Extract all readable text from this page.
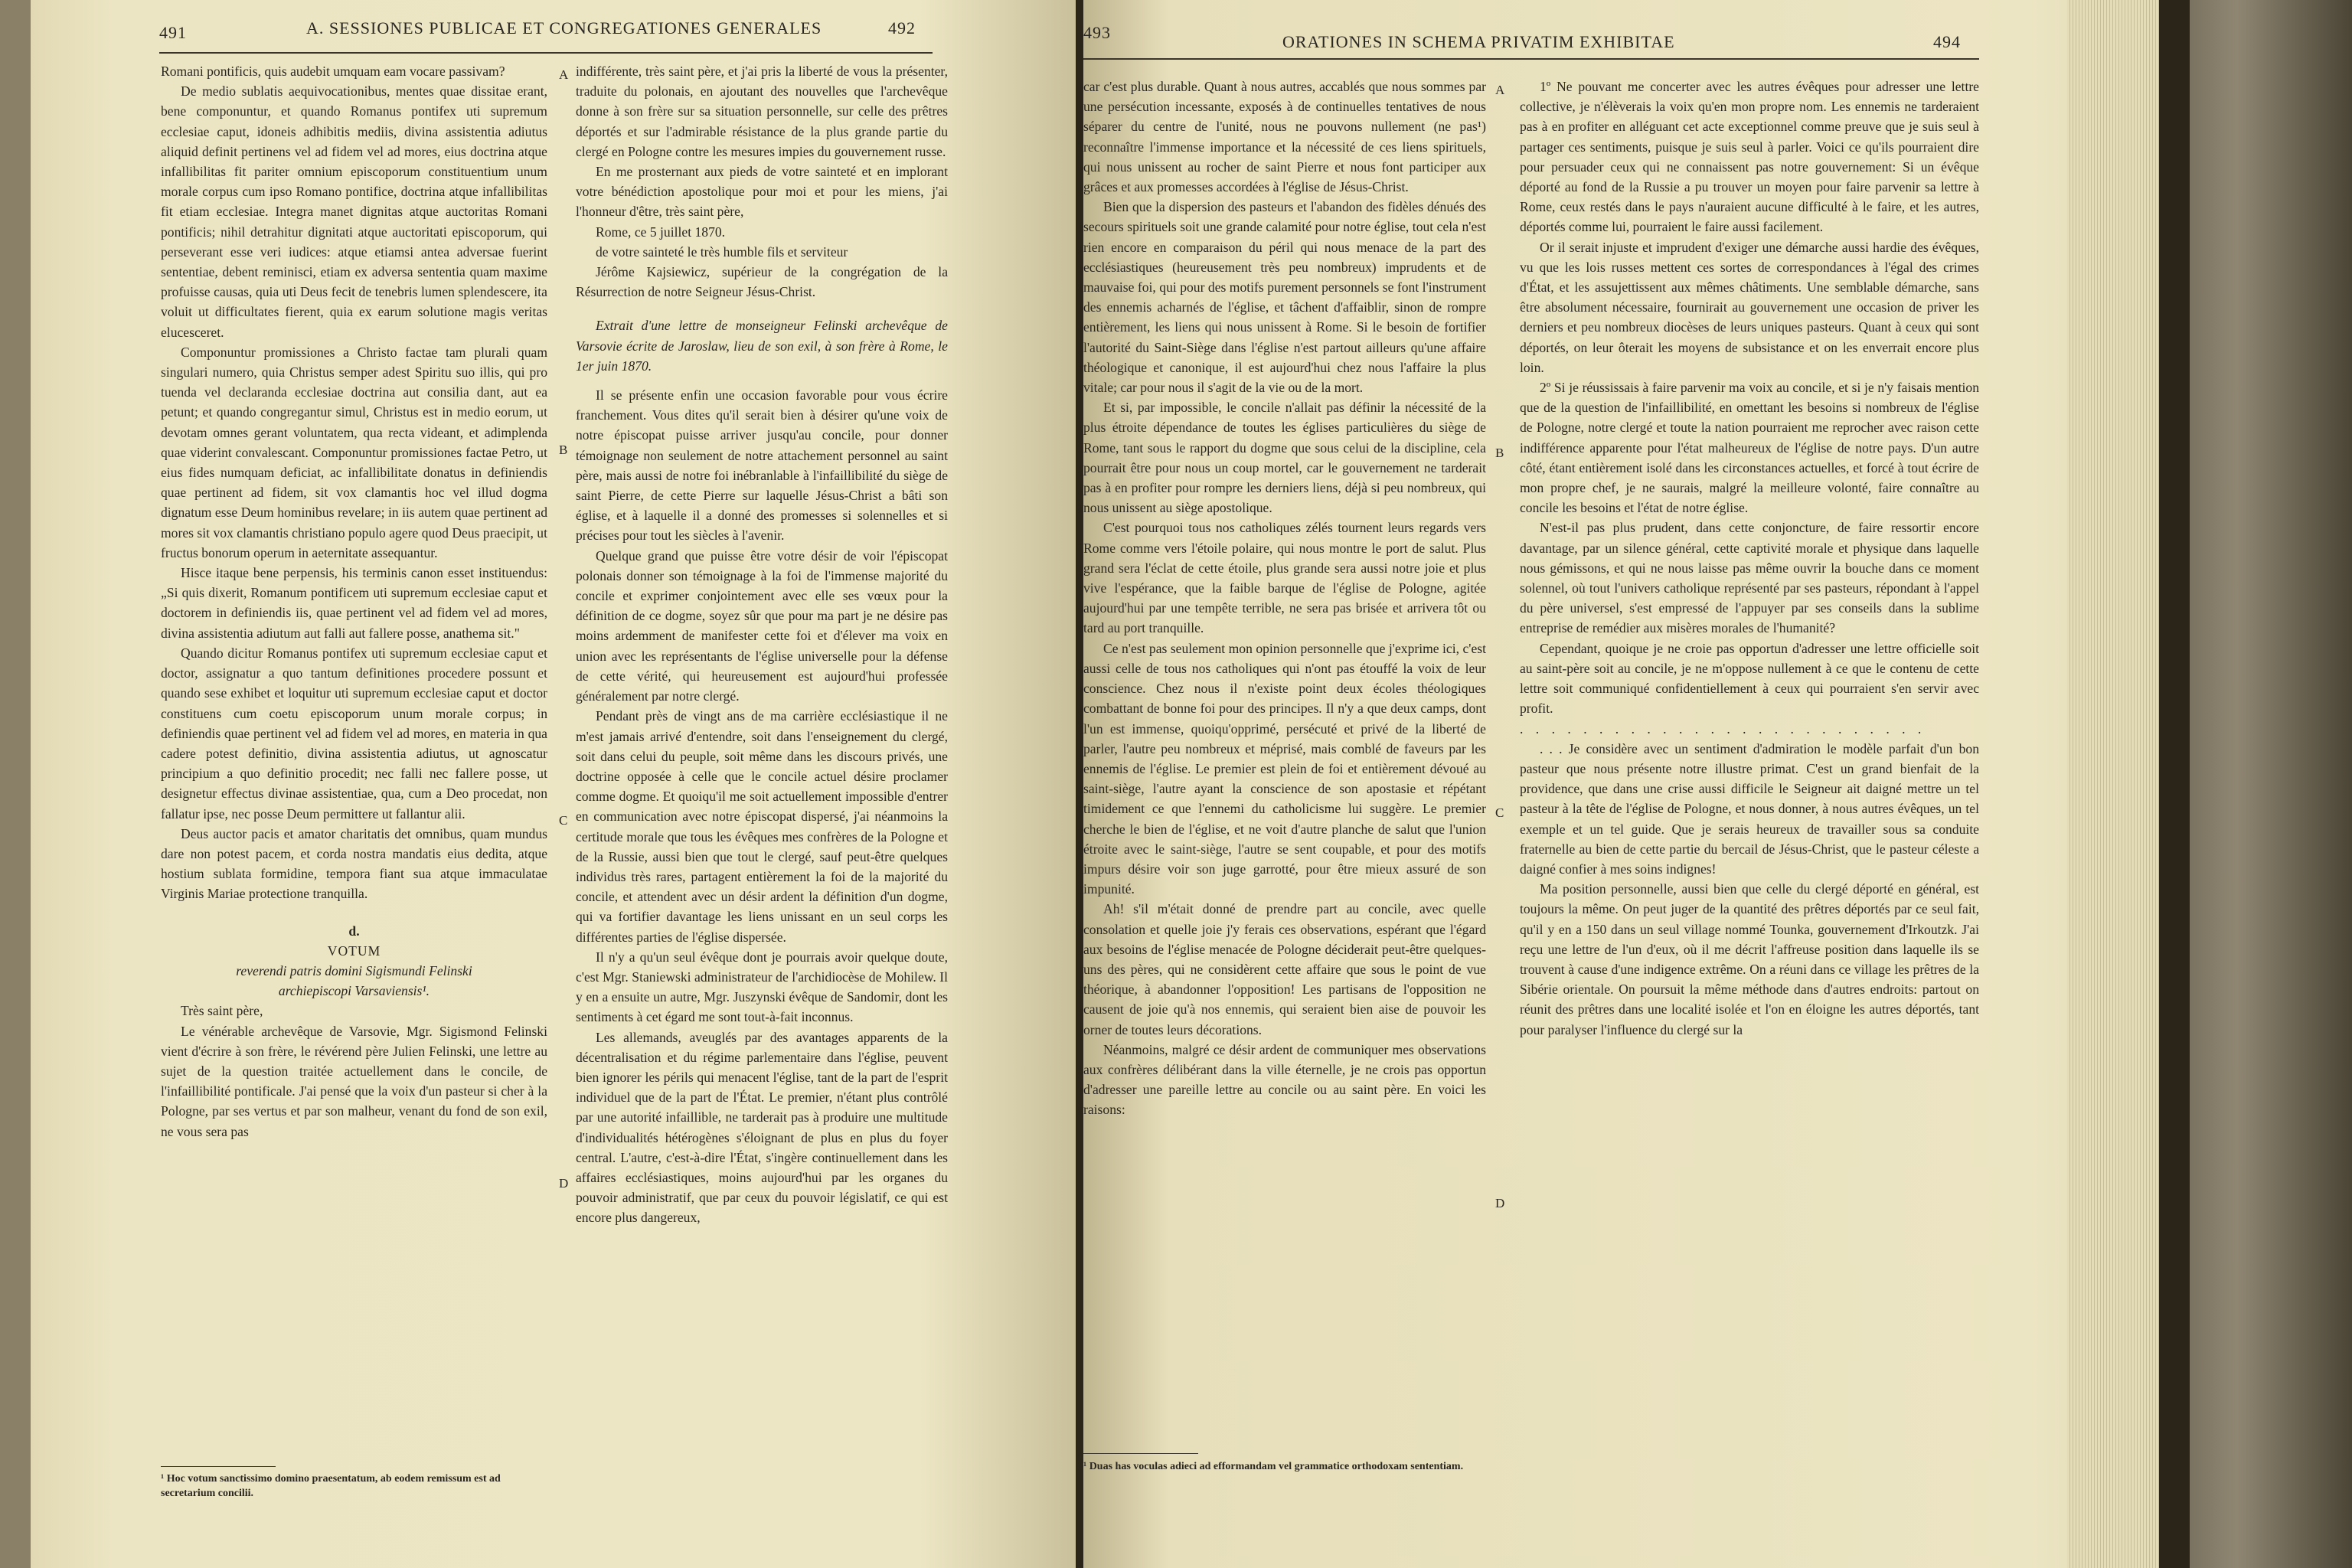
491	A. SESSIONES PUBLICAE ET CONGREGATIONES GENERALES	492

Romani pontificis, quis audebit umquam eam vocare passivam?

De medio sublatis aequivocationibus, mentes quae dissitae erant, bene componuntur, et quando Romanus pontifex uti supremum ecclesiae caput, idoneis adhibitis mediis, divina assistentia adiutus aliquid definit pertinens vel ad fidem vel ad mores, eius doctrina atque infallibilitas fit pariter omnium episcoporum constituentium unum morale corpus cum ipso Romano pontifice, doctrina atque infallibilitas fit etiam ecclesiae. Integra manet dignitas atque auctoritas Romani pontificis; nihil detrahitur dignitati atque auctoritati episcoporum, qui perseverant esse veri iudices: atque etiamsi antea adversae fuerint sententiae, debent reminisci, etiam ex adversa sententia quam maxime profuisse causas, quia uti Deus fecit de tenebris lumen splendescere, ita voluit ut difficultates fierent, quia ex earum solutione magis veritas elucesceret.

Componuntur promissiones a Christo factae tam plurali quam singulari numero, quia Christus semper adest Spiritu suo illis, qui pro tuenda vel declaranda ecclesiae doctrina aut consilia dant, aut ea petunt; et quando congregantur simul, Christus est in medio eorum, ut devotam omnes gerant voluntatem, qua recta videant, et adimplenda quae viderint convalescant. Componuntur promissiones factae Petro, ut eius fides numquam deficiat, ac infallibilitate donatus in definiendis quae pertinent ad fidem, sit vox clamantis hoc vel illud dogma dignatum esse Deum hominibus revelare; in iis autem quae pertinent ad mores sit vox clamantis christiano populo agere quod Deus praecipit, ut fructus bonorum operum in aeternitate assequantur.

Hisce itaque bene perpensis, his terminis canon esset instituendus: „Si quis dixerit, Romanum pontificem uti supremum ecclesiae caput et doctorem in definiendis iis, quae pertinent vel ad fidem vel ad mores, divina assistentia adiutum aut falli aut fallere posse, anathema sit."

Quando dicitur Romanus pontifex uti supremum ecclesiae caput et doctor, assignatur a quo tantum definitiones procedere possunt et quando sese exhibet et loquitur uti supremum ecclesiae caput et doctor constituens cum coetu episcoporum unum morale corpus; in definiendis quae pertinent vel ad fidem vel ad mores, en materia in qua cadere potest definitio, divina assistentia adiutus, ut agnoscatur principium a quo definitio procedit; nec falli nec fallere posse, ut designetur effectus divinae assistentiae, qua, cum a Deo procedat, non fallatur ipse, nec posse Deum permittere ut fallantur alii.

Deus auctor pacis et amator charitatis det omnibus, quam mundus dare non potest pacem, et corda nostra mandatis eius dedita, atque hostium sublata formidine, tempora fiant sua atque immaculatae Virginis Mariae protectione tranquilla.

d.

VOTUM

reverendi patris domini Sigismundi Felinski

archiepiscopi Varsaviensis¹.

Très saint père,

Le vénérable archevêque de Varsovie, Mgr. Sigismond Felinski vient d'écrire à son frère, le révérend père Julien Felinski, une lettre au sujet de la question traitée actuellement dans le concile, de l'infaillibilité pontificale. J'ai pensé que la voix d'un pasteur si cher à la Pologne, par ses vertus et par son malheur, venant du fond de son exil, ne vous sera pas

¹ Hoc votum sanctissimo domino praesentatum, ab eodem remissum est ad secretarium concilii.
A
B
C
D

indifférente, très saint père, et j'ai pris la liberté de vous la présenter, traduite du polonais, en ajoutant des nouvelles que l'archevêque donne à son frère sur sa situation personnelle, sur celle des prêtres déportés et sur l'admirable résistance de la plus grande partie du clergé en Pologne contre les mesures impies du gouvernement russe.

En me prosternant aux pieds de votre sainteté et en implorant votre bénédiction apostolique pour moi et pour les miens, j'ai l'honneur d'être, très saint père,

Rome, ce 5 juillet 1870.

de votre sainteté le très humble fils et serviteur

Jérôme Kajsiewicz, supérieur de la congrégation de la Résurrection de notre Seigneur Jésus-Christ.

Extrait d'une lettre de monseigneur Felinski archevêque de Varsovie écrite de Jaroslaw, lieu de son exil, à son frère à Rome, le 1er juin 1870.

Il se présente enfin une occasion favorable pour vous écrire franchement. Vous dites qu'il serait bien à désirer qu'une voix de notre épiscopat puisse arriver jusqu'au concile, pour donner témoignage non seulement de notre attachement personnel au saint père, mais aussi de notre foi inébranlable à l'infaillibilité du siège de saint Pierre, de cette Pierre sur laquelle Jésus-Christ a bâti son église, et à laquelle il a donné des promesses si solennelles et si précises pour tout les siècles à l'avenir.

Quelque grand que puisse être votre désir de voir l'épiscopat polonais donner son témoignage à la foi de l'immense majorité du concile et exprimer conjointement avec elle ses vœux pour la définition de ce dogme, soyez sûr que pour ma part je ne désire pas moins ardemment de manifester cette foi et d'élever ma voix en union avec les représentants de l'église universelle pour la défense de cette vérité, qui heureusement est aujourd'hui professée généralement par notre clergé.

Pendant près de vingt ans de ma carrière ecclésiastique il ne m'est jamais arrivé d'entendre, soit dans l'enseignement du clergé, soit dans celui du peuple, soit même dans les discours privés, une doctrine opposée à celle que le concile actuel désire proclamer comme dogme. Et quoiqu'il me soit actuellement impossible d'entrer en communication avec notre épiscopat dispersé, j'ai néanmoins la certitude morale que tous les évêques mes confrères de la Pologne et de la Russie, aussi bien que tout le clergé, sauf peut-être quelques individus très rares, partagent entièrement la foi de la majorité du concile, et attendent avec un désir ardent la définition d'un dogme, qui va fortifier davantage les liens unissant en un seul corps les différentes parties de l'église dispersée.

Il n'y a qu'un seul évêque dont je pourrais avoir quelque doute, c'est Mgr. Staniewski administrateur de l'archidiocèse de Mohilew. Il y en a ensuite un autre, Mgr. Juszynski évêque de Sandomir, dont les sentiments à cet égard me sont tout-à-fait inconnus.

Les allemands, aveuglés par des avantages apparents de la décentralisation et du régime parlementaire dans l'église, peuvent bien ignorer les périls qui menacent l'église, tant de la part de l'esprit individuel que de la part de l'État. Le premier, n'étant plus contrôlé par une autorité infaillible, ne tarderait pas à produire une multitude d'individualités hétérogènes s'éloignant de plus en plus du foyer central. L'autre, c'est-à-dire l'État, s'ingère continuellement dans les affaires ecclésiastiques, moins aujourd'hui par les organes du pouvoir administratif, que par ceux du pouvoir législatif, ce qui est encore plus dangereux,

493	ORATIONES IN SCHEMA PRIVATIM EXHIBITAE	494

car c'est plus durable. Quant à nous autres, accablés que nous sommes par une persécution incessante, exposés à de continuelles tentatives de nous séparer du centre de l'unité, nous ne pouvons nullement (ne pas¹) reconnaître l'immense importance et la nécessité de ces liens spirituels, qui nous unissent au rocher de saint Pierre et nous font participer aux grâces et aux promesses accordées à l'église de Jésus-Christ.

Bien que la dispersion des pasteurs et l'abandon des fidèles dénués des secours spirituels soit une grande calamité pour notre église, tout cela n'est rien encore en comparaison du péril qui nous menace de la part des ecclésiastiques (heureusement très peu nombreux) imprudents et de mauvaise foi, qui pour des motifs purement personnels se font l'instrument des ennemis acharnés de l'église, et tâchent d'affaiblir, sinon de rompre entièrement, les liens qui nous unissent à Rome. Si le besoin de fortifier l'autorité du Saint-Siège dans l'église n'est partout ailleurs qu'une affaire théologique et canonique, il est aujourd'hui chez nous l'affaire la plus vitale; car pour nous il s'agit de la vie ou de la mort.

Et si, par impossible, le concile n'allait pas définir la nécessité de la plus étroite dépendance de toutes les églises particulières du siège de Rome, tant sous le rapport du dogme que sous celui de la discipline, cela pourrait être pour nous un coup mortel, car le gouvernement ne tarderait pas à en profiter pour rompre les derniers liens, déjà si peu nombreux, qui nous unissent au siège apostolique.

C'est pourquoi tous nos catholiques zélés tournent leurs regards vers Rome comme vers l'étoile polaire, qui nous montre le port de salut. Plus grand sera l'éclat de cette étoile, plus grande sera aussi notre joie et plus vive l'espérance, que la faible barque de l'église de Pologne, agitée aujourd'hui par une tempête terrible, ne sera pas brisée et arrivera tôt ou tard au port tranquille.

Ce n'est pas seulement mon opinion personnelle que j'exprime ici, c'est aussi celle de tous nos catholiques qui n'ont pas étouffé la voix de leur conscience. Chez nous il n'existe point deux écoles théologiques combattant de bonne foi pour des principes. Il n'y a que deux camps, dont l'un est immense, quoiqu'opprimé, persécuté et privé de la liberté de parler, l'autre peu nombreux et méprisé, mais comblé de faveurs par les ennemis de l'église. Le premier est plein de foi et entièrement dévoué au saint-siège, l'autre ayant la conscience de son apostasie et répétant timidement ce que l'ennemi du catholicisme lui suggère. Le premier cherche le bien de l'église, et ne voit d'autre planche de salut que l'union étroite avec le saint-siège, l'autre se sent coupable, et pour des motifs impurs désire voir son juge garrotté, pour être mieux assuré de son impunité.

Ah! s'il m'était donné de prendre part au concile, avec quelle consolation et quelle joie j'y ferais ces observations, espérant que l'égard aux besoins de l'église menacée de Pologne déciderait peut-être quelques-uns des pères, qui ne considèrent cette affaire que sous le point de vue théorique, à abandonner l'opposition! Les partisans de l'opposition ne causent de joie qu'à nos ennemis, qui seraient bien aise de pouvoir les orner de toutes leurs décorations.

Néanmoins, malgré ce désir ardent de communiquer mes observations aux confrères délibérant dans la ville éternelle, je ne crois pas opportun d'adresser une pareille lettre au concile ou au saint père. En voici les raisons:

¹ Duas has voculas adieci ad efformandam vel grammatice orthodoxam sententiam.
A
B
C
D

1º Ne pouvant me concerter avec les autres évêques pour adresser une lettre collective, je n'élèverais la voix qu'en mon propre nom. Les ennemis ne tarderaient pas à en profiter en alléguant cet acte exceptionnel comme preuve que je suis seul à partager ces sentiments, puisque je suis seul à parler. Voici ce qu'ils pourraient dire pour persuader ceux qui ne connaissent pas notre gouvernement: Si un évêque déporté au fond de la Russie a pu trouver un moyen pour faire parvenir sa lettre à Rome, ceux restés dans le pays n'auraient aucune difficulté à le faire, et les autres, déportés comme lui, pourraient le faire aussi facilement.

Or il serait injuste et imprudent d'exiger une démarche aussi hardie des évêques, vu que les lois russes mettent ces sortes de correspondances à l'égal des crimes d'État, et les assujettissent aux mêmes châtiments. Une semblable démarche, sans être absolument nécessaire, fournirait au gouvernement une occasion de priver les derniers et peu nombreux diocèses de leurs uniques pasteurs. Quant à ceux qui sont déportés, on leur ôterait les moyens de subsistance et on les enverrait encore plus loin.

2º Si je réussissais à faire parvenir ma voix au concile, et si je n'y faisais mention que de la question de l'infaillibilité, en omettant les besoins si nombreux de l'église de Pologne, notre clergé et toute la nation pourraient me reprocher avec raison cette indifférence apparente pour l'état malheureux de l'église de notre pays. D'un autre côté, étant entièrement isolé dans les circonstances actuelles, et forcé à tout écrire de mon propre chef, je ne saurais, malgré la meilleure volonté, faire connaître au concile les besoins et l'état de notre église.

N'est-il pas plus prudent, dans cette conjoncture, de faire ressortir encore davantage, par un silence général, cette captivité morale et physique dans laquelle nous gémissons, et qui ne nous laisse pas même ouvrir la bouche dans ce moment solennel, où tout l'univers catholique représenté par ses pasteurs, répondant à l'appel du père universel, s'est empressé de l'appuyer par ses conseils dans la sublime entreprise de remédier aux misères morales de l'humanité?

Cependant, quoique je ne croie pas opportun d'adresser une lettre officielle soit au saint-père soit au concile, je ne m'oppose nullement à ce que le contenu de cette lettre soit communiqué confidentiellement à ceux qui pourraient s'en servir avec profit.

. . . . . . . . . . . . . . . . . . . . . . . . . .

. . . Je considère avec un sentiment d'admiration le modèle parfait d'un bon pasteur que nous présente notre illustre primat. C'est un grand bienfait de la providence, que dans une crise aussi difficile le Seigneur ait daigné mettre un tel pasteur à la tête de l'église de Pologne, et nous donner, à nous autres évêques, un tel exemple et un tel guide. Que je serais heureux de travailler sous sa conduite fraternelle au bien de cette partie du bercail de Jésus-Christ, que le pasteur céleste a daigné confier à mes soins indignes!

Ma position personnelle, aussi bien que celle du clergé déporté en général, est toujours la même. On peut juger de la quantité des prêtres déportés par ce seul fait, qu'il y en a 150 dans un seul village nommé Tounka, gouvernement d'Irkoutzk. J'ai reçu une lettre de l'un d'eux, où il me décrit l'affreuse position dans laquelle ils se trouvent à cause d'une indigence extrême. On a réuni dans ce village les prêtres de la Sibérie orientale. On poursuit la même méthode dans d'autres endroits: partout on réunit des prêtres dans une localité isolée et l'on en éloigne les autres déportés, tant pour paralyser l'influence du clergé sur la
